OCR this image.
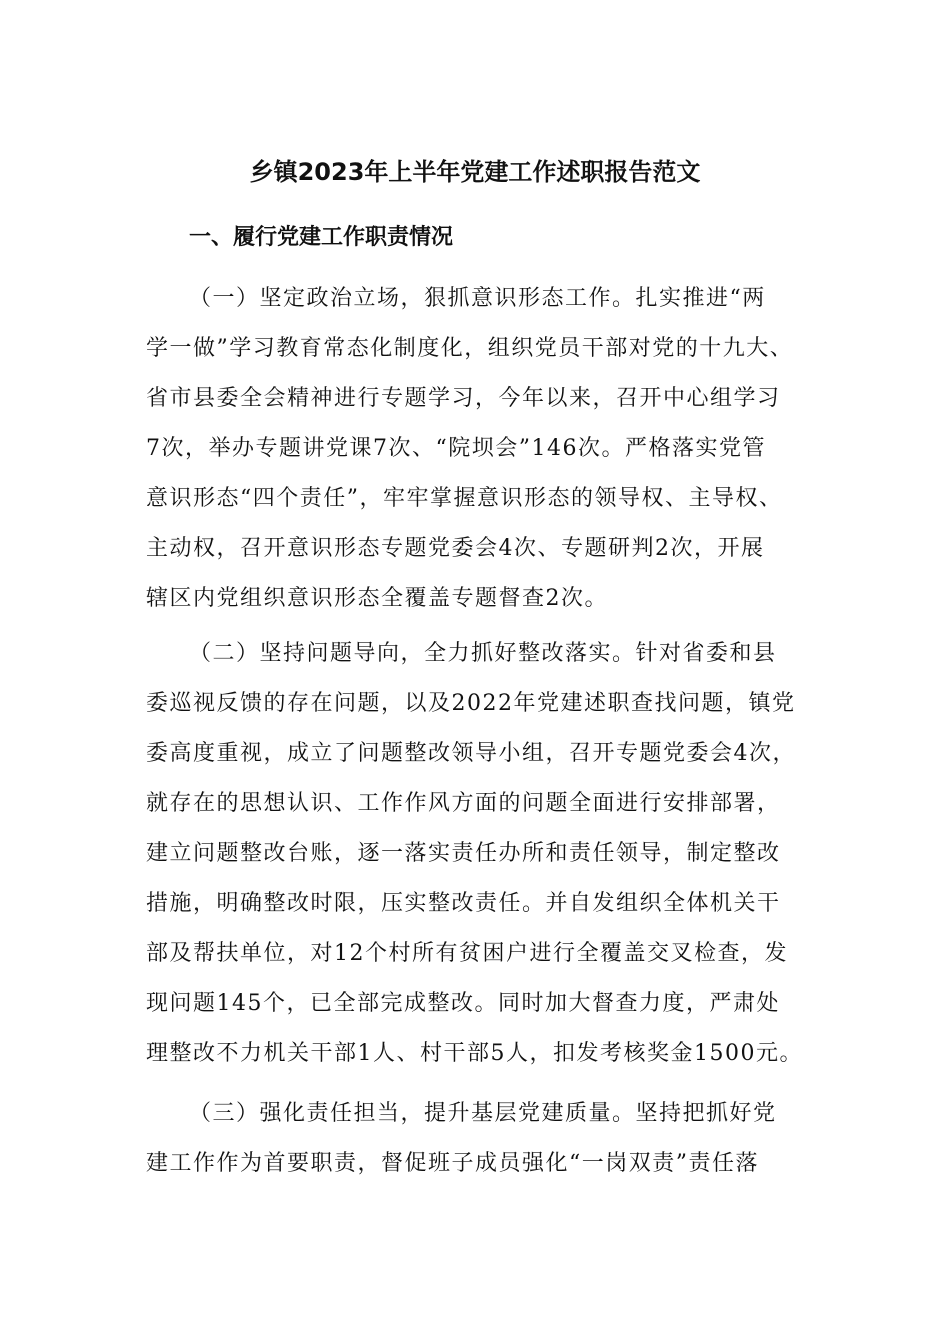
乡镇2023年上半年党建工作述职报告范文
一、履行党建工作职责情况
（一）坚定政治立场，狠抓意识形态工作。扎实推进“两
学一做”学习教育常态化制度化，组织党员干部对党的十九大、
省市县委全会精神进行专题学习，今年以来，召开中心组学习
7次，举办专题讲党课7次、“院坝会”146次。严格落实党管
意识形态“四个责任”，牢牢掌握意识形态的领导权、主导权、
主动权，召开意识形态专题党委会4次、专题研判2次，开展
辖区内党组织意识形态全覆盖专题督查2次。
（二）坚持问题导向，全力抓好整改落实。针对省委和县
委巡视反馈的存在问题，以及2022年党建述职查找问题，镇党
委高度重视，成立了问题整改领导小组，召开专题党委会4次，
就存在的思想认识、工作作风方面的问题全面进行安排部署，
建立问题整改台账，逐一落实责任办所和责任领导，制定整改
措施，明确整改时限，压实整改责任。并自发组织全体机关干
部及帮扶单位，对12个村所有贫困户进行全覆盖交叉检查，发
现问题145个，已全部完成整改。同时加大督查力度，严肃处
理整改不力机关干部1人、村干部5人，扣发考核奖金1500元。
（三）强化责任担当，提升基层党建质量。坚持把抓好党
建工作作为首要职责，督促班子成员强化“一岗双责”责任落
